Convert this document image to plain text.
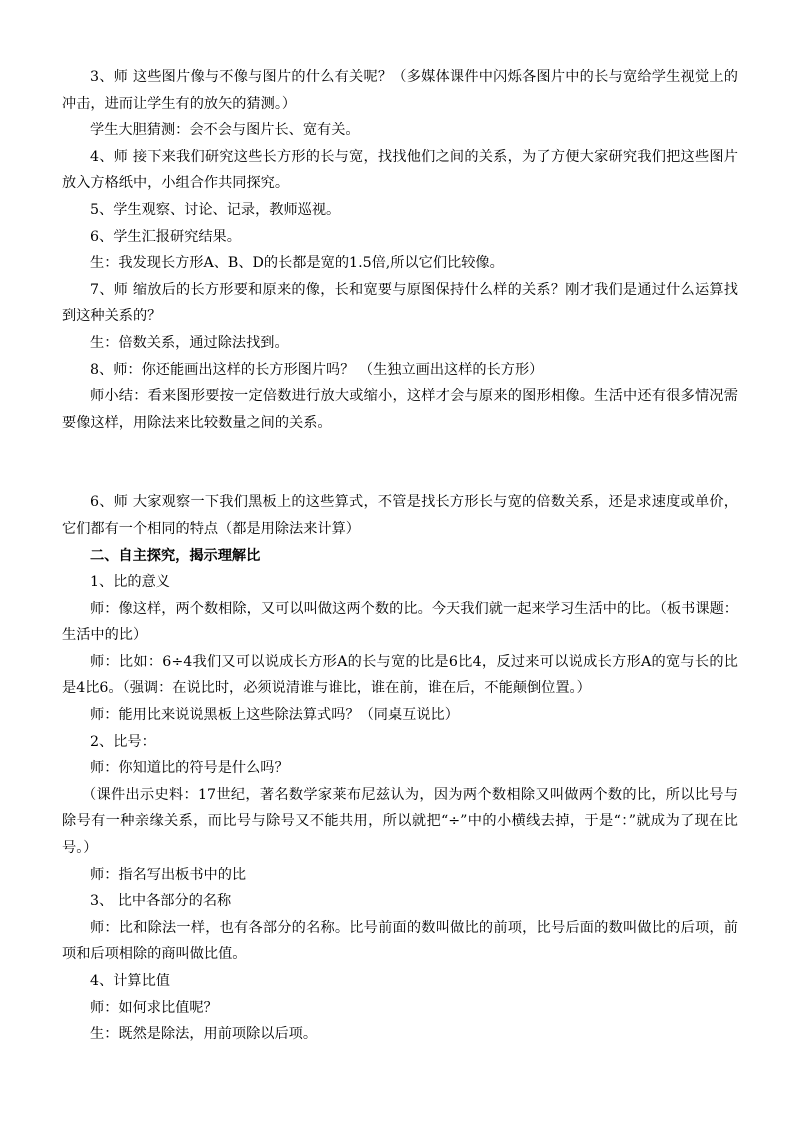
3、师 这些图片像与不像与图片的什么有关呢？（多媒体课件中闪烁各图片中的长与宽给学生视觉上的冲击，进而让学生有的放矢的猜测。）

学生大胆猜测：会不会与图片长、宽有关。

4、师 接下来我们研究这些长方形的长与宽，找找他们之间的关系，为了方便大家研究我们把这些图片放入方格纸中，小组合作共同探究。

5、学生观察、讨论、记录，教师巡视。

6、学生汇报研究结果。

生：我发现长方形A、B、D的长都是宽的1.5倍,所以它们比较像。

7、师 缩放后的长方形要和原来的像，长和宽要与原图保持什么样的关系？刚才我们是通过什么运算找到这种关系的？

生：倍数关系，通过除法找到。

8、师：你还能画出这样的长方形图片吗？ （生独立画出这样的长方形）

师小结：看来图形要按一定倍数进行放大或缩小，这样才会与原来的图形相像。生活中还有很多情况需要像这样，用除法来比较数量之间的关系。

6、师 大家观察一下我们黑板上的这些算式，不管是找长方形长与宽的倍数关系，还是求速度或单价，它们都有一个相同的特点（都是用除法来计算）

二、自主探究，揭示理解比

1、比的意义

师：像这样，两个数相除，又可以叫做这两个数的比。今天我们就一起来学习生活中的比。（板书课题：生活中的比）

师：比如：6÷4我们又可以说成长方形A的长与宽的比是6比4，反过来可以说成长方形A的宽与长的比是4比6。（强调：在说比时，必须说清谁与谁比，谁在前，谁在后，不能颠倒位置。）

师：能用比来说说黑板上这些除法算式吗？（同桌互说比）

2、比号：

师：你知道比的符号是什么吗？

（课件出示史料：17世纪，著名数学家莱布尼兹认为，因为两个数相除又叫做两个数的比，所以比号与除号有一种亲缘关系，而比号与除号又不能共用，所以就把“÷”中的小横线去掉，于是“：”就成为了现在比号。）

师：指名写出板书中的比

3、 比中各部分的名称

师：比和除法一样，也有各部分的名称。比号前面的数叫做比的前项，比号后面的数叫做比的后项，前项和后项相除的商叫做比值。

4、计算比值

师：如何求比值呢？

生：既然是除法，用前项除以后项。
